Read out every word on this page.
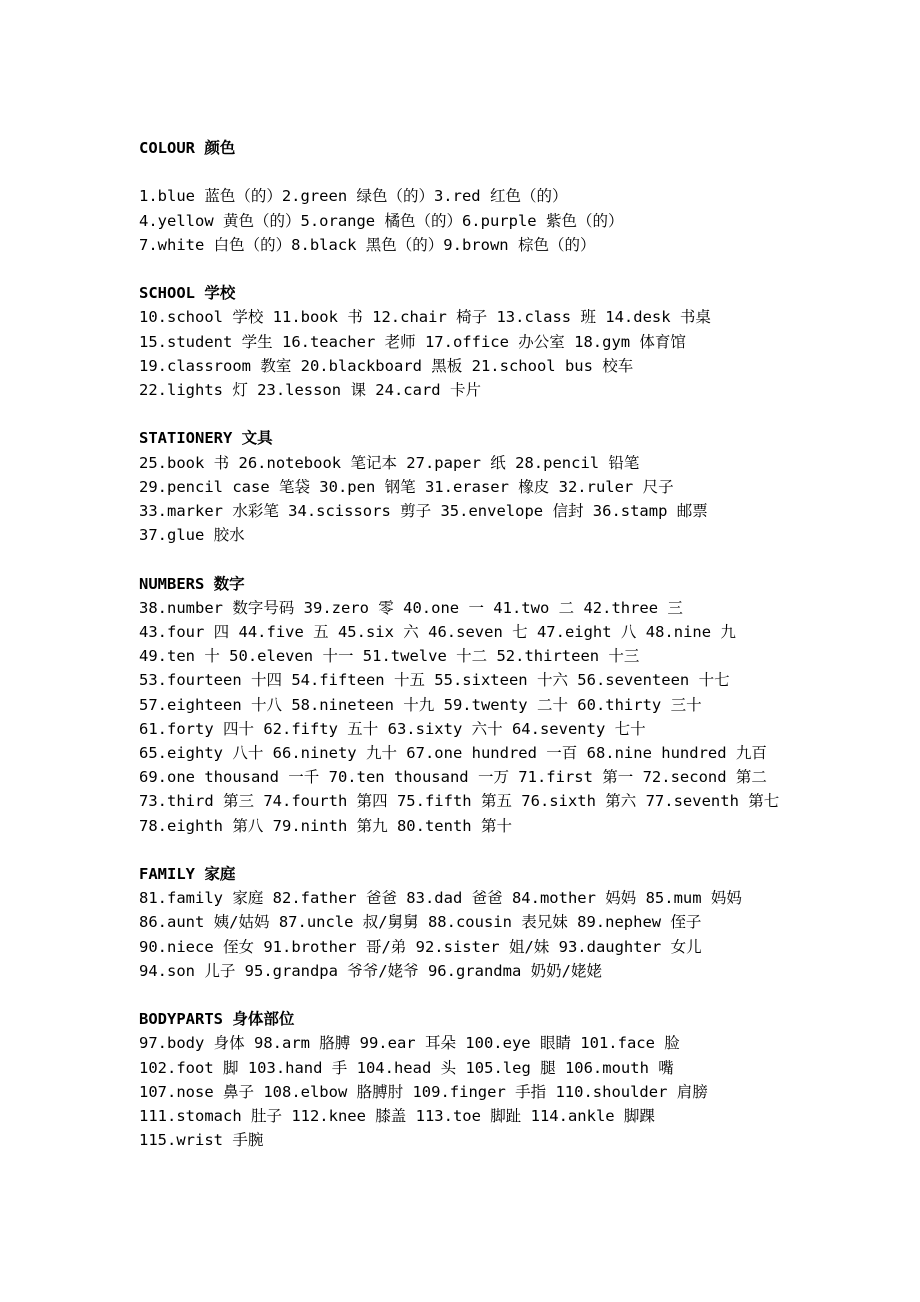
COLOUR 颜色
1.blue 蓝色（的）2.green 绿色（的）3.red 红色（的）
4.yellow 黄色（的）5.orange 橘色（的）6.purple 紫色（的）
7.white 白色（的）8.black 黑色（的）9.brown 棕色（的）
SCHOOL 学校
10.school 学校 11.book 书 12.chair 椅子 13.class 班 14.desk 书桌
15.student 学生 16.teacher 老师 17.office 办公室 18.gym 体育馆
19.classroom 教室 20.blackboard 黑板 21.school bus 校车
22.lights 灯 23.lesson 课 24.card 卡片
STATIONERY 文具
25.book 书 26.notebook 笔记本 27.paper 纸 28.pencil 铅笔
29.pencil case 笔袋 30.pen 钢笔 31.eraser 橡皮 32.ruler 尺子
33.marker 水彩笔 34.scissors 剪子 35.envelope 信封 36.stamp 邮票
37.glue 胶水
NUMBERS 数字
38.number 数字号码 39.zero 零 40.one 一 41.two 二 42.three 三
43.four 四 44.five 五 45.six 六 46.seven 七 47.eight 八 48.nine 九
49.ten 十 50.eleven 十一 51.twelve 十二 52.thirteen 十三
53.fourteen 十四 54.fifteen 十五 55.sixteen 十六 56.seventeen 十七
57.eighteen 十八 58.nineteen 十九 59.twenty 二十 60.thirty 三十
61.forty 四十 62.fifty 五十 63.sixty 六十 64.seventy 七十
65.eighty 八十 66.ninety 九十 67.one hundred 一百 68.nine hundred 九百
69.one thousand 一千 70.ten thousand 一万 71.first 第一 72.second 第二
73.third 第三 74.fourth 第四 75.fifth 第五 76.sixth 第六 77.seventh 第七
78.eighth 第八 79.ninth 第九 80.tenth 第十
FAMILY 家庭
81.family 家庭 82.father 爸爸 83.dad 爸爸 84.mother 妈妈 85.mum 妈妈
86.aunt 姨/姑妈 87.uncle 叔/舅舅 88.cousin 表兄妹 89.nephew 侄子
90.niece 侄女 91.brother 哥/弟 92.sister 姐/妹 93.daughter 女儿
94.son 儿子 95.grandpa 爷爷/姥爷 96.grandma 奶奶/姥姥
BODYPARTS 身体部位
97.body 身体 98.arm 胳膊 99.ear 耳朵 100.eye 眼睛 101.face 脸
102.foot 脚 103.hand 手 104.head 头 105.leg 腿 106.mouth 嘴
107.nose 鼻子 108.elbow 胳膊肘 109.finger 手指 110.shoulder 肩膀
111.stomach 肚子 112.knee 膝盖 113.toe 脚趾 114.ankle 脚踝
115.wrist 手腕
